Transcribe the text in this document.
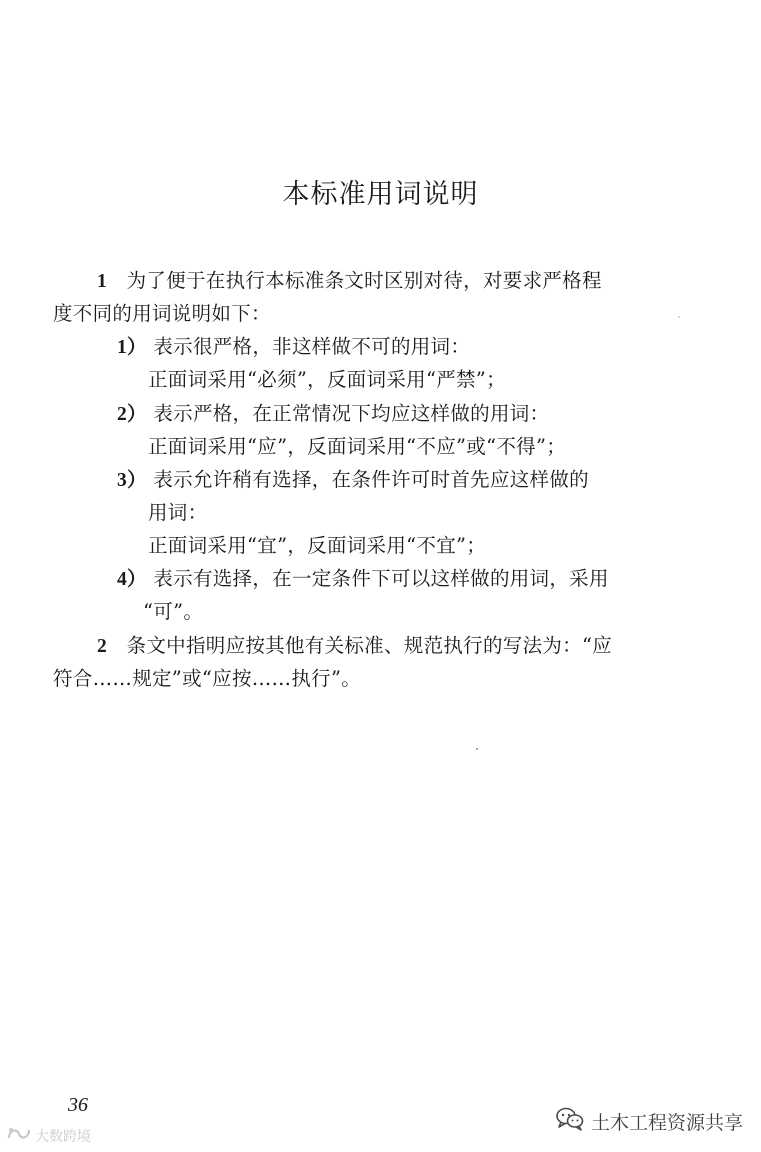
本标准用词说明
1 为了便于在执行本标准条文时区别对待，对要求严格程
度不同的用词说明如下：
1） 表示很严格，非这样做不可的用词：
正面词采用“必须”，反面词采用“严禁”；
2） 表示严格，在正常情况下均应这样做的用词：
正面词采用“应”，反面词采用“不应”或“不得”；
3） 表示允许稍有选择，在条件许可时首先应这样做的
用词：
正面词采用“宜”，反面词采用“不宜”；
4） 表示有选择，在一定条件下可以这样做的用词，采用
“可”。
2 条文中指明应按其他有关标准、规范执行的写法为：“应
符合……规定”或“应按……执行”。
36
大数跨境
土木工程资源共享
